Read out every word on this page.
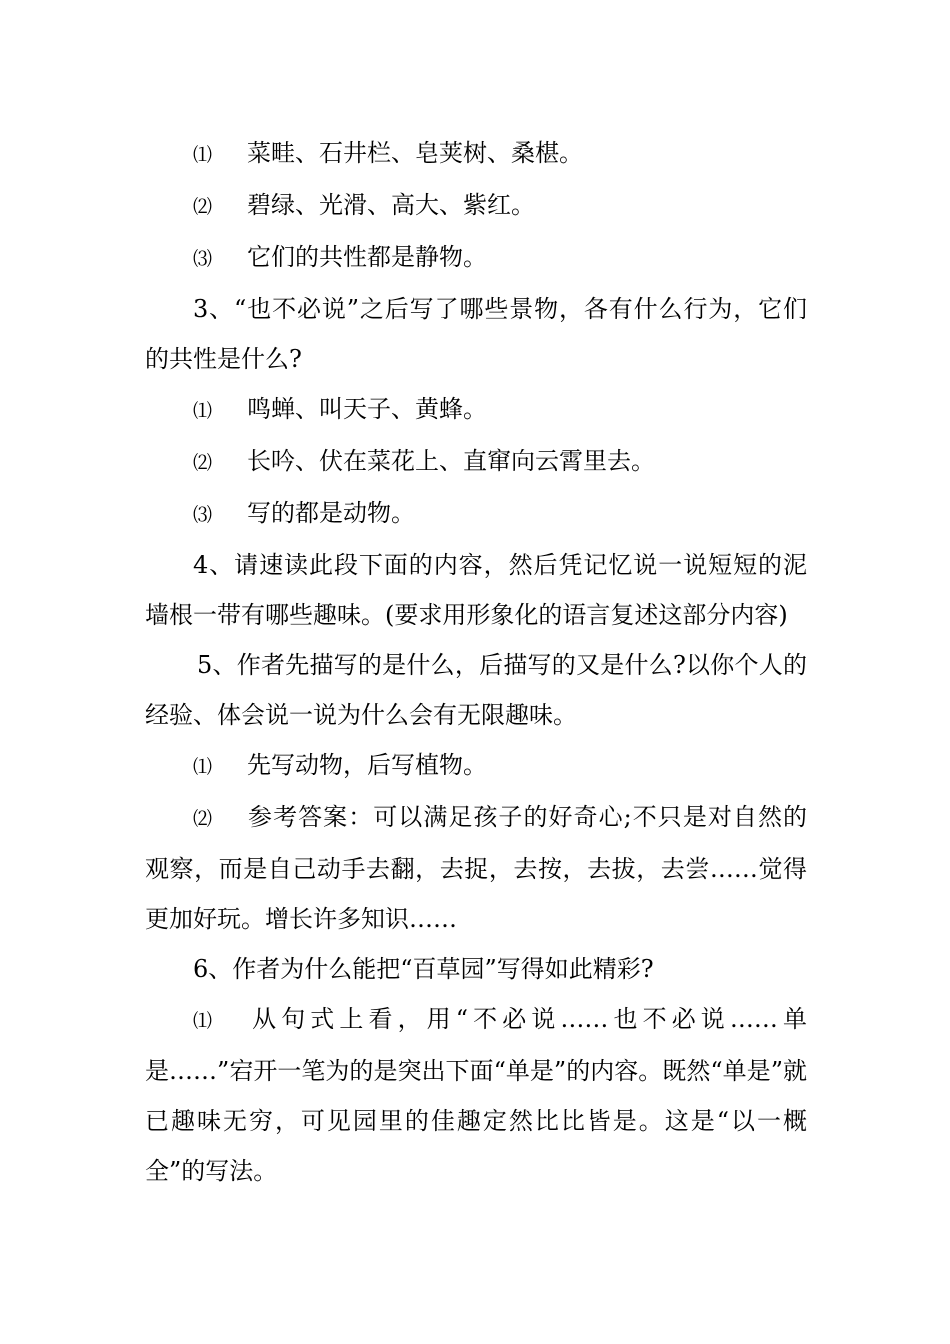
⑴ 菜畦、石井栏、皂荚树、桑椹。
⑵ 碧绿、光滑、高大、紫红。
⑶ 它们的共性都是静物。

3、“也不必说”之后写了哪些景物，各有什么行为，它们的共性是什么?

⑴ 鸣蝉、叫天子、黄蜂。
⑵ 长吟、伏在菜花上、直窜向云霄里去。
⑶ 写的都是动物。

4、请速读此段下面的内容，然后凭记忆说一说短短的泥墙根一带有哪些趣味。(要求用形象化的语言复述这部分内容)

5、作者先描写的是什么，后描写的又是什么?以你个人的经验、体会说一说为什么会有无限趣味。

⑴ 先写动物，后写植物。
⑵ 参考答案：可以满足孩子的好奇心;不只是对自然的观察，而是自己动手去翻，去捉，去按，去拔，去尝……觉得更加好玩。增长许多知识……

6、作者为什么能把“百草园”写得如此精彩?

⑴ 从句式上看，用“不必说……也不必说……单是……”宕开一笔为的是突出下面“单是”的内容。既然“单是”就已趣味无穷，可见园里的佳趣定然比比皆是。这是“以一概全”的写法。
